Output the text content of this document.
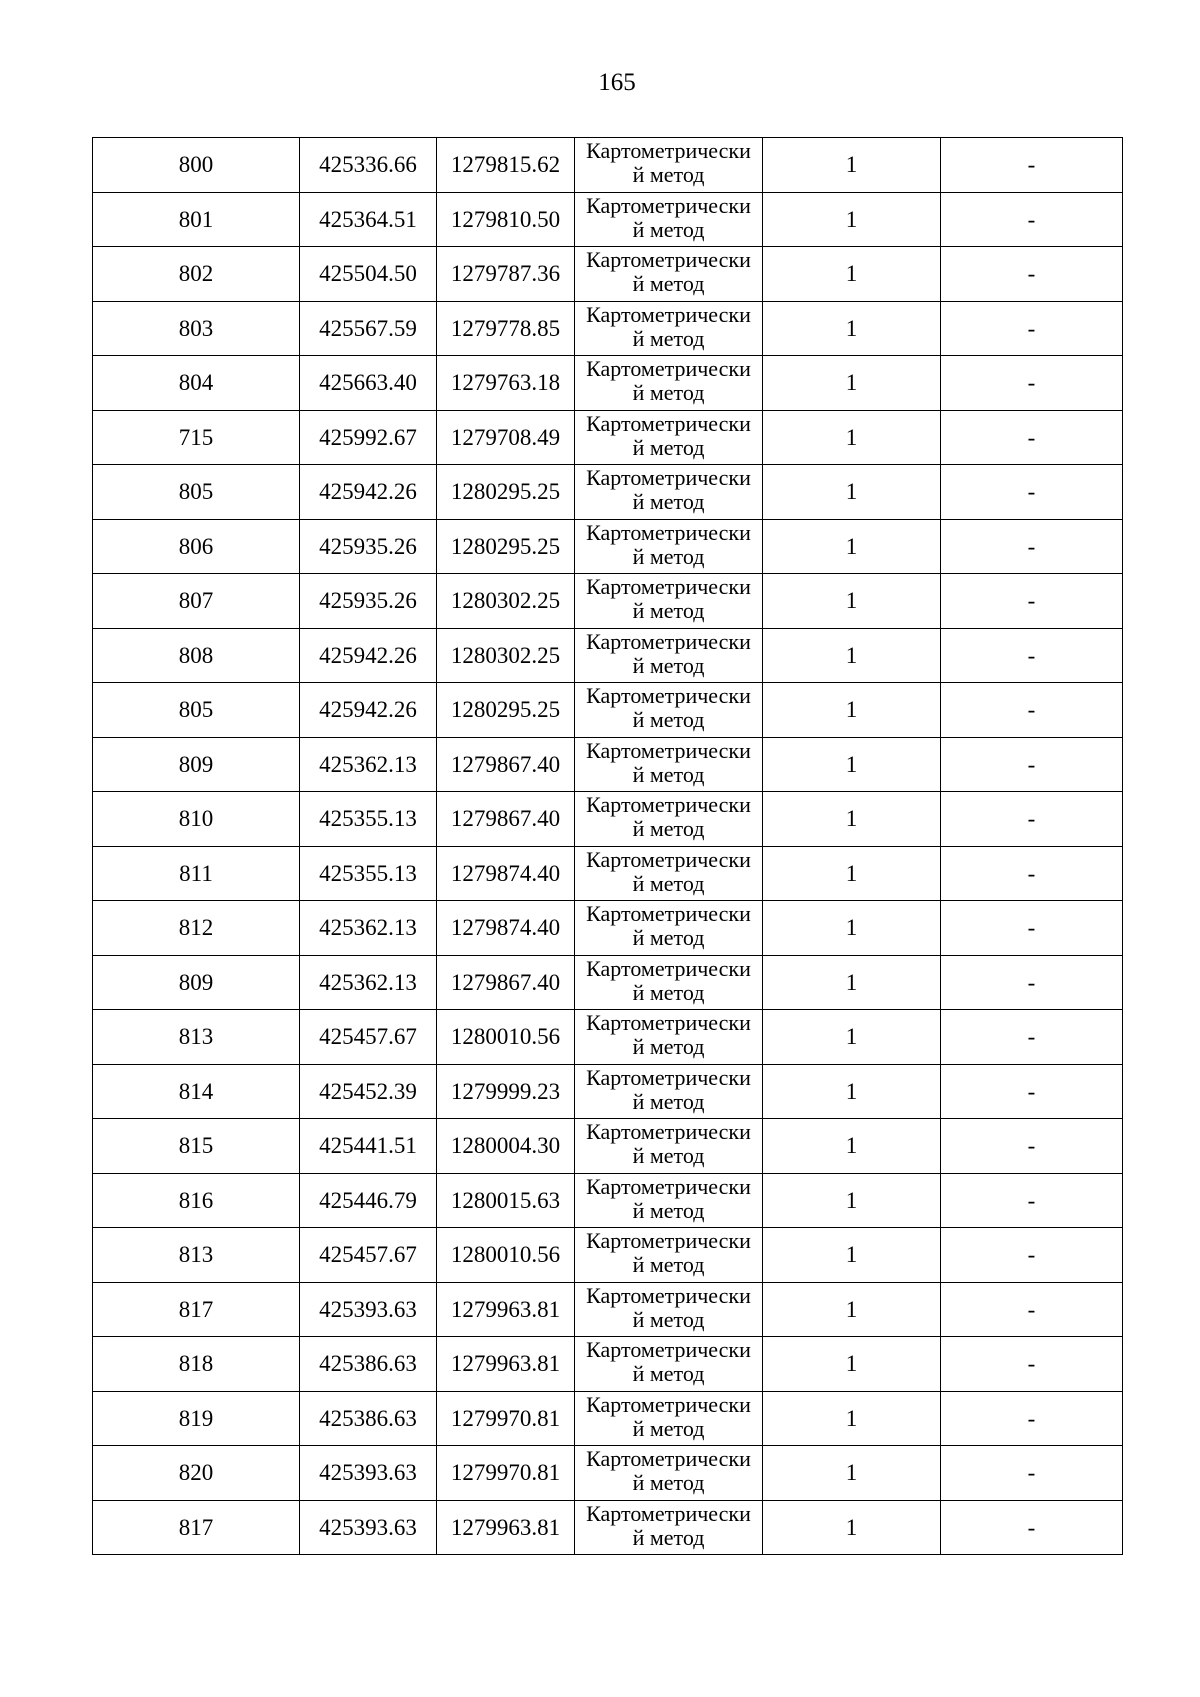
165
800	425336.66	1279815.62	Картометрически
й метод	1	-
801	425364.51	1279810.50	Картометрически
й метод	1	-
802	425504.50	1279787.36	Картометрически
й метод	1	-
803	425567.59	1279778.85	Картометрически
й метод	1	-
804	425663.40	1279763.18	Картометрически
й метод	1	-
715	425992.67	1279708.49	Картометрически
й метод	1	-
805	425942.26	1280295.25	Картометрически
й метод	1	-
806	425935.26	1280295.25	Картометрически
й метод	1	-
807	425935.26	1280302.25	Картометрически
й метод	1	-
808	425942.26	1280302.25	Картометрически
й метод	1	-
805	425942.26	1280295.25	Картометрически
й метод	1	-
809	425362.13	1279867.40	Картометрически
й метод	1	-
810	425355.13	1279867.40	Картометрически
й метод	1	-
811	425355.13	1279874.40	Картометрически
й метод	1	-
812	425362.13	1279874.40	Картометрически
й метод	1	-
809	425362.13	1279867.40	Картометрически
й метод	1	-
813	425457.67	1280010.56	Картометрически
й метод	1	-
814	425452.39	1279999.23	Картометрически
й метод	1	-
815	425441.51	1280004.30	Картометрически
й метод	1	-
816	425446.79	1280015.63	Картометрически
й метод	1	-
813	425457.67	1280010.56	Картометрически
й метод	1	-
817	425393.63	1279963.81	Картометрически
й метод	1	-
818	425386.63	1279963.81	Картометрически
й метод	1	-
819	425386.63	1279970.81	Картометрически
й метод	1	-
820	425393.63	1279970.81	Картометрически
й метод	1	-
817	425393.63	1279963.81	Картометрически
й метод	1	-
